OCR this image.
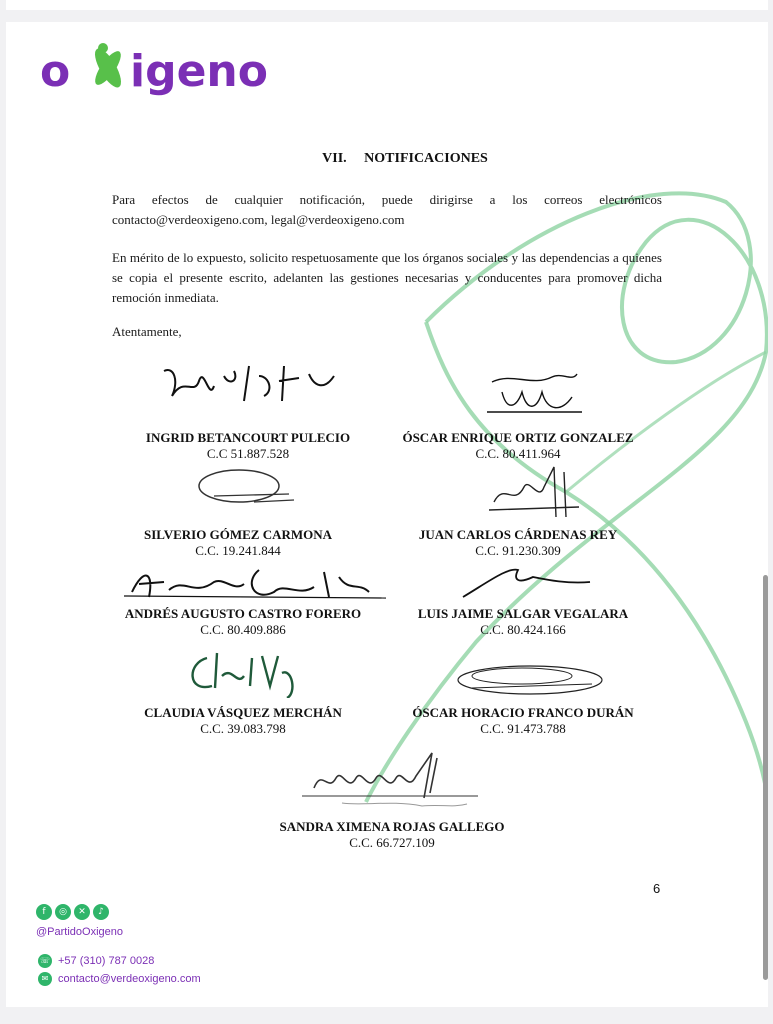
o igeno
VII. NOTIFICACIONES
Para efectos de cualquier notificación, puede dirigirse a los correos electrónicos
contacto@verdeoxigeno.com, legal@verdeoxigeno.com
En mérito de lo expuesto, solicito respetuosamente que los órganos sociales y las dependencias a quienes se copia el presente escrito, adelanten las gestiones necesarias y conducentes para promover dicha remoción inmediata.
Atentamente,
INGRID BETANCOURT PULECIO
C.C 51.887.528
ÓSCAR ENRIQUE ORTIZ GONZALEZ
C.C. 80.411.964
SILVERIO GÓMEZ CARMONA
C.C. 19.241.844
JUAN CARLOS CÁRDENAS REY
C.C. 91.230.309
ANDRÉS AUGUSTO CASTRO FORERO
C.C. 80.409.886
LUIS JAIME SALGAR VEGALARA
C.C. 80.424.166
CLAUDIA VÁSQUEZ MERCHÁN
C.C. 39.083.798
ÓSCAR HORACIO FRANCO DURÁN
C.C. 91.473.788
SANDRA XIMENA ROJAS GALLEGO
C.C. 66.727.109
6
f	◎	✕	♪
@PartidoOxigeno
☏ +57 (310) 787 0028
✉ contacto@verdeoxigeno.com
